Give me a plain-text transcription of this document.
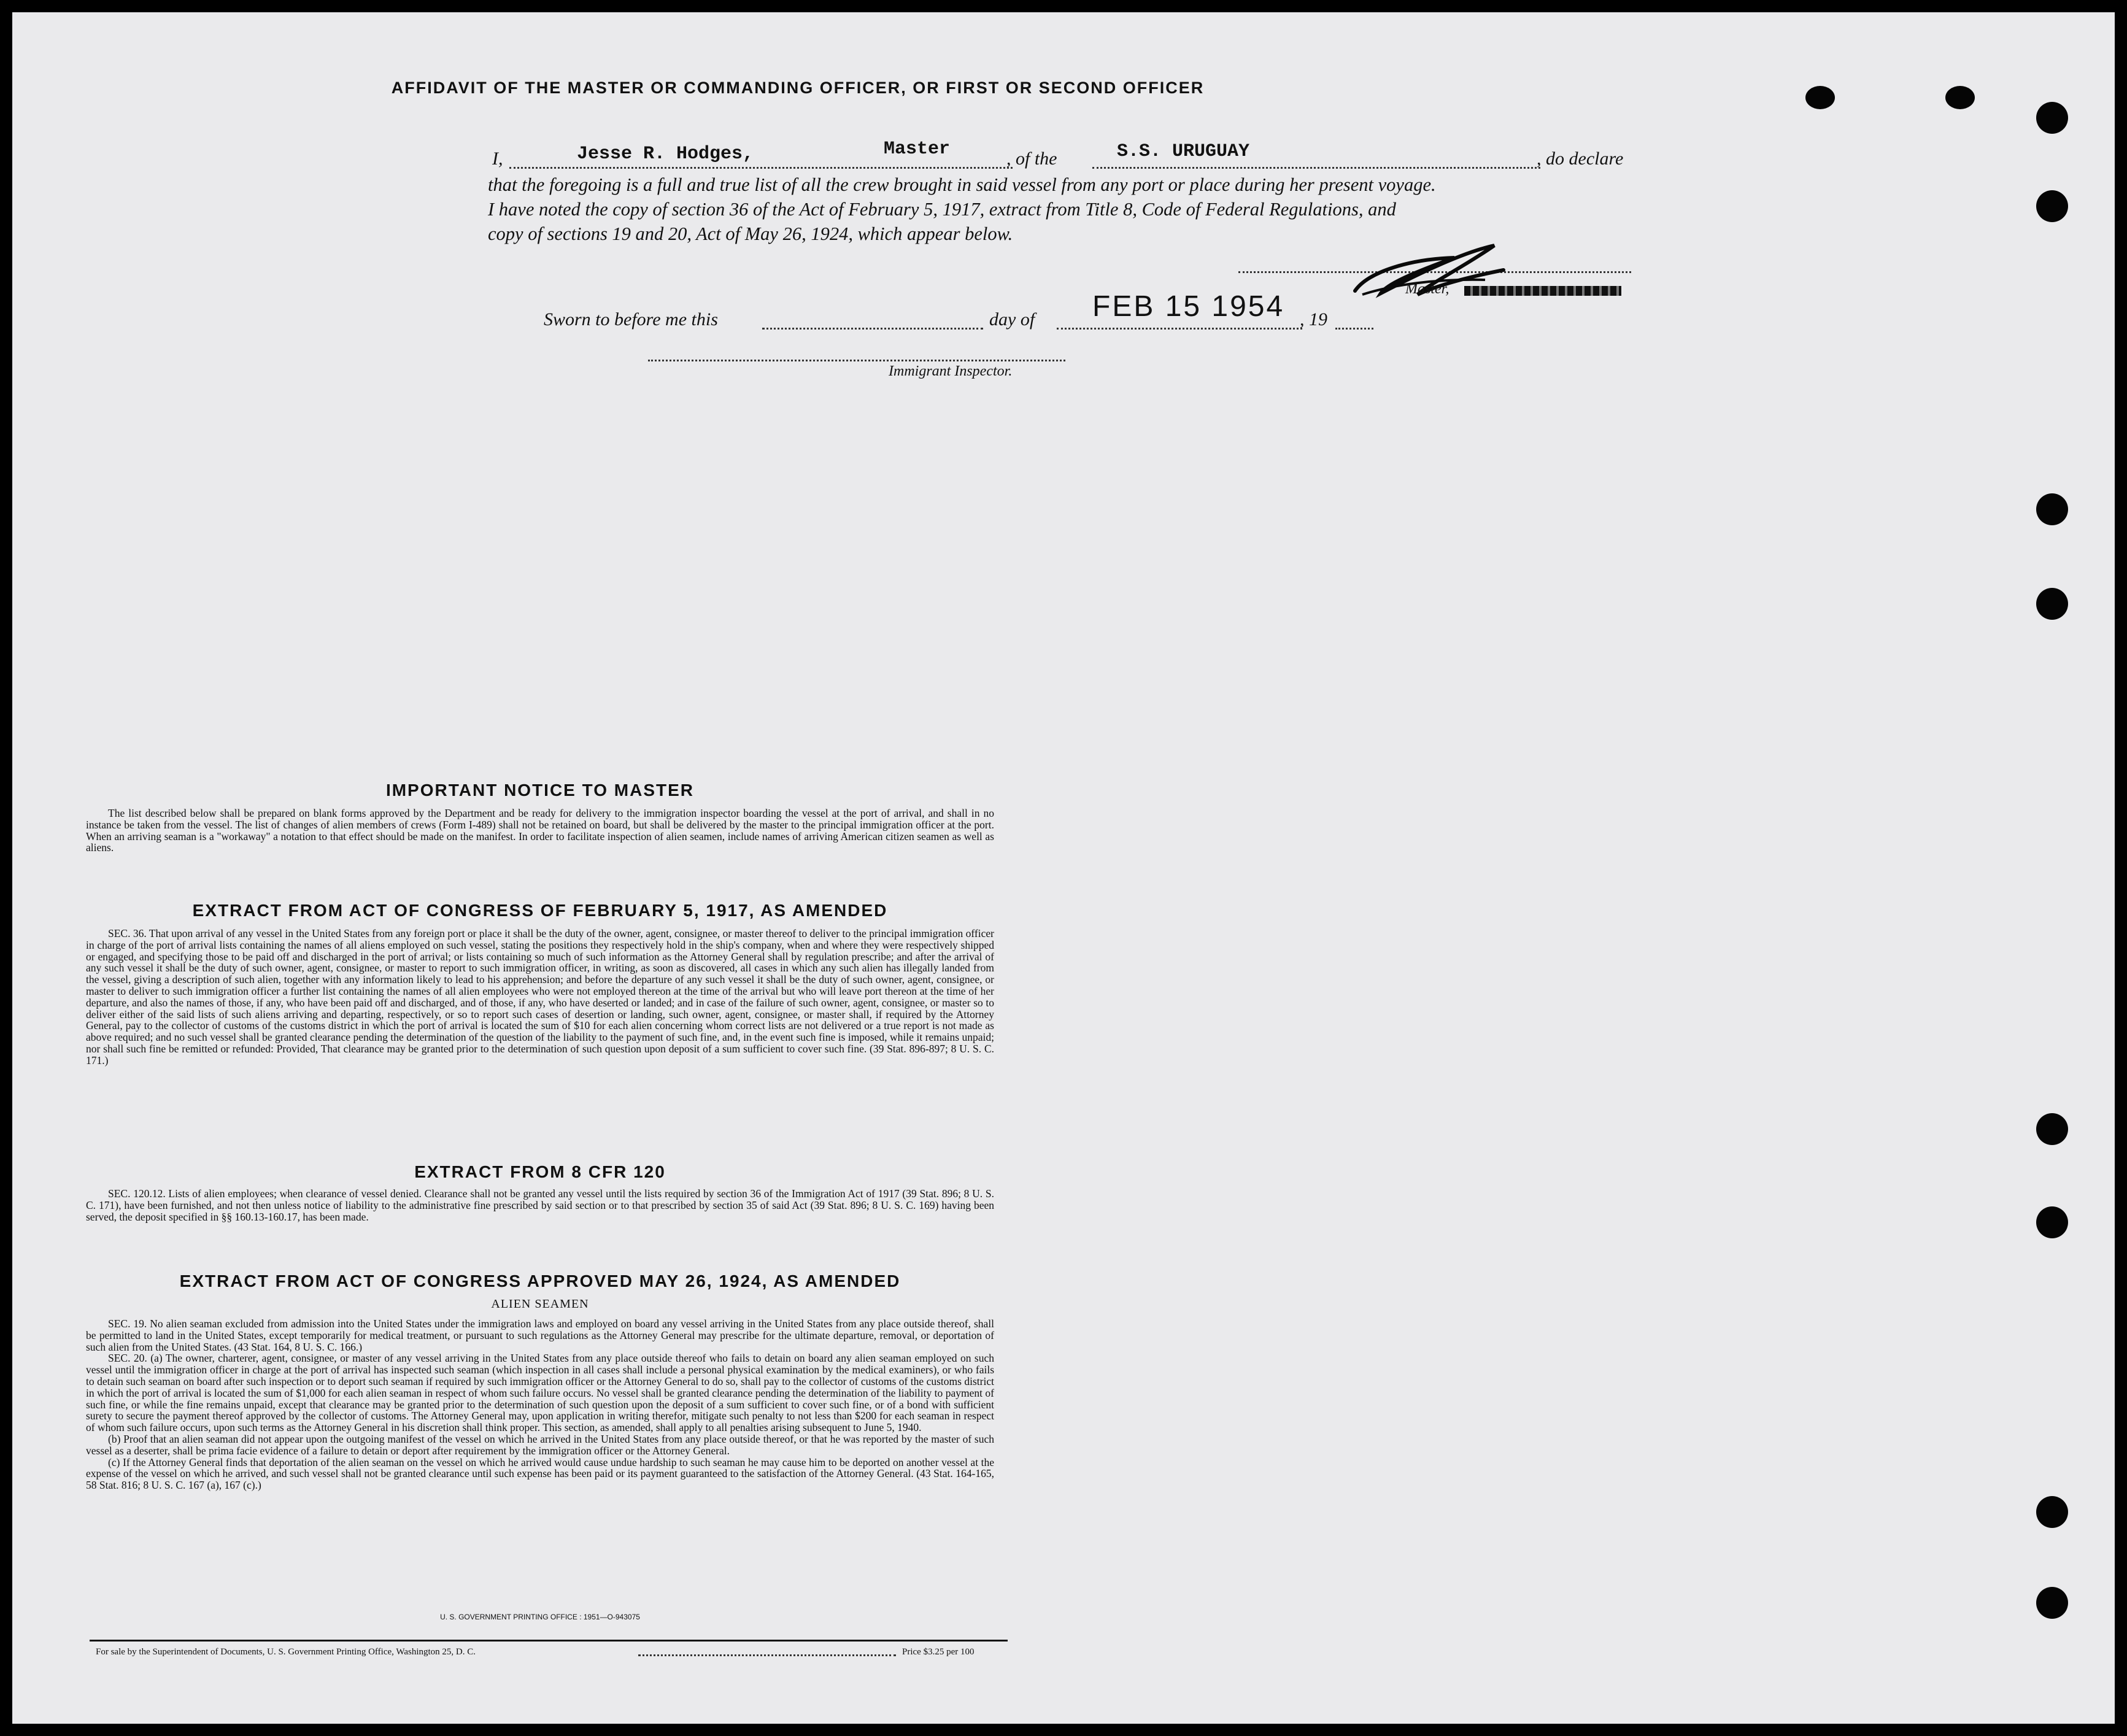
AFFIDAVIT OF THE MASTER OR COMMANDING OFFICER, OR FIRST OR SECOND OFFICER
I,	Jesse R. Hodges,	Master	, of the	S.S. URUGUAY	, do declare
that the foregoing is a full and true list of all the crew brought in said vessel from any port or place during her present voyage.
I have noted the copy of section 36 of the Act of February 5, 1917, extract from Title 8, Code of Federal Regulations, and
copy of sections 19 and 20, Act of May 26, 1924, which appear below.
Master,
Sworn to before me this	day of FEB 15 1954 , 19
Immigrant Inspector.
IMPORTANT NOTICE TO MASTER
The list described below shall be prepared on blank forms approved by the Department and be ready for delivery to the immigration inspector boarding the vessel at the port of arrival, and shall in no instance be taken from the vessel. The list of changes of alien members of crews (Form I-489) shall not be retained on board, but shall be delivered by the master to the principal immigration officer at the port. When an arriving seaman is a "workaway" a notation to that effect should be made on the manifest. In order to facilitate inspection of alien seamen, include names of arriving American citizen seamen as well as aliens.
EXTRACT FROM ACT OF CONGRESS OF FEBRUARY 5, 1917, AS AMENDED
SEC. 36. That upon arrival of any vessel in the United States from any foreign port or place it shall be the duty of the owner, agent, consignee, or master thereof to deliver to the principal immigration officer in charge of the port of arrival lists containing the names of all aliens employed on such vessel, stating the positions they respectively hold in the ship's company, when and where they were respectively shipped or engaged, and specifying those to be paid off and discharged in the port of arrival; or lists containing so much of such information as the Attorney General shall by regulation prescribe; and after the arrival of any such vessel it shall be the duty of such owner, agent, consignee, or master to report to such immigration officer, in writing, as soon as discovered, all cases in which any such alien has illegally landed from the vessel, giving a description of such alien, together with any information likely to lead to his apprehension; and before the departure of any such vessel it shall be the duty of such owner, agent, consignee, or master to deliver to such immigration officer a further list containing the names of all alien employees who were not employed thereon at the time of the arrival but who will leave port thereon at the time of her departure, and also the names of those, if any, who have been paid off and discharged, and of those, if any, who have deserted or landed; and in case of the failure of such owner, agent, consignee, or master so to deliver either of the said lists of such aliens arriving and departing, respectively, or so to report such cases of desertion or landing, such owner, agent, consignee, or master shall, if required by the Attorney General, pay to the collector of customs of the customs district in which the port of arrival is located the sum of $10 for each alien concerning whom correct lists are not delivered or a true report is not made as above required; and no such vessel shall be granted clearance pending the determination of the question of the liability to the payment of such fine, and, in the event such fine is imposed, while it remains unpaid; nor shall such fine be remitted or refunded: Provided, That clearance may be granted prior to the determination of such question upon deposit of a sum sufficient to cover such fine. (39 Stat. 896-897; 8 U. S. C. 171.)
EXTRACT FROM 8 CFR 120
SEC. 120.12. Lists of alien employees; when clearance of vessel denied. Clearance shall not be granted any vessel until the lists required by section 36 of the Immigration Act of 1917 (39 Stat. 896; 8 U. S. C. 171), have been furnished, and not then unless notice of liability to the administrative fine prescribed by said section or to that prescribed by section 35 of said Act (39 Stat. 896; 8 U. S. C. 169) having been served, the deposit specified in §§ 160.13-160.17, has been made.
EXTRACT FROM ACT OF CONGRESS APPROVED MAY 26, 1924, AS AMENDED
ALIEN SEAMEN

SEC. 19. No alien seaman excluded from admission into the United States under the immigration laws and employed on board any vessel arriving in the United States from any place outside thereof, shall be permitted to land in the United States, except temporarily for medical treatment, or pursuant to such regulations as the Attorney General may prescribe for the ultimate departure, removal, or deportation of such alien from the United States. (43 Stat. 164, 8 U. S. C. 166.)

SEC. 20. (a) The owner, charterer, agent, consignee, or master of any vessel arriving in the United States from any place outside thereof who fails to detain on board any alien seaman employed on such vessel until the immigration officer in charge at the port of arrival has inspected such seaman (which inspection in all cases shall include a personal physical examination by the medical examiners), or who fails to detain such seaman on board after such inspection or to deport such seaman if required by such immigration officer or the Attorney General to do so, shall pay to the collector of customs of the customs district in which the port of arrival is located the sum of $1,000 for each alien seaman in respect of whom such failure occurs. No vessel shall be granted clearance pending the determination of the liability to payment of such fine, or while the fine remains unpaid, except that clearance may be granted prior to the determination of such question upon the deposit of a sum sufficient to cover such fine, or of a bond with sufficient surety to secure the payment thereof approved by the collector of customs. The Attorney General may, upon application in writing therefor, mitigate such penalty to not less than $200 for each seaman in respect of whom such failure occurs, upon such terms as the Attorney General in his discretion shall think proper. This section, as amended, shall apply to all penalties arising subsequent to June 5, 1940.

(b) Proof that an alien seaman did not appear upon the outgoing manifest of the vessel on which he arrived in the United States from any place outside thereof, or that he was reported by the master of such vessel as a deserter, shall be prima facie evidence of a failure to detain or deport after requirement by the immigration officer or the Attorney General.

(c) If the Attorney General finds that deportation of the alien seaman on the vessel on which he arrived would cause undue hardship to such seaman he may cause him to be deported on another vessel at the expense of the vessel on which he arrived, and such vessel shall not be granted clearance until such expense has been paid or its payment guaranteed to the satisfaction of the Attorney General. (43 Stat. 164-165, 58 Stat. 816; 8 U. S. C. 167 (a), 167 (c).)

U. S. GOVERNMENT PRINTING OFFICE : 1951—O-943075
For sale by the Superintendent of Documents, U. S. Government Printing Office, Washington 25, D. C.	Price $3.25 per 100
